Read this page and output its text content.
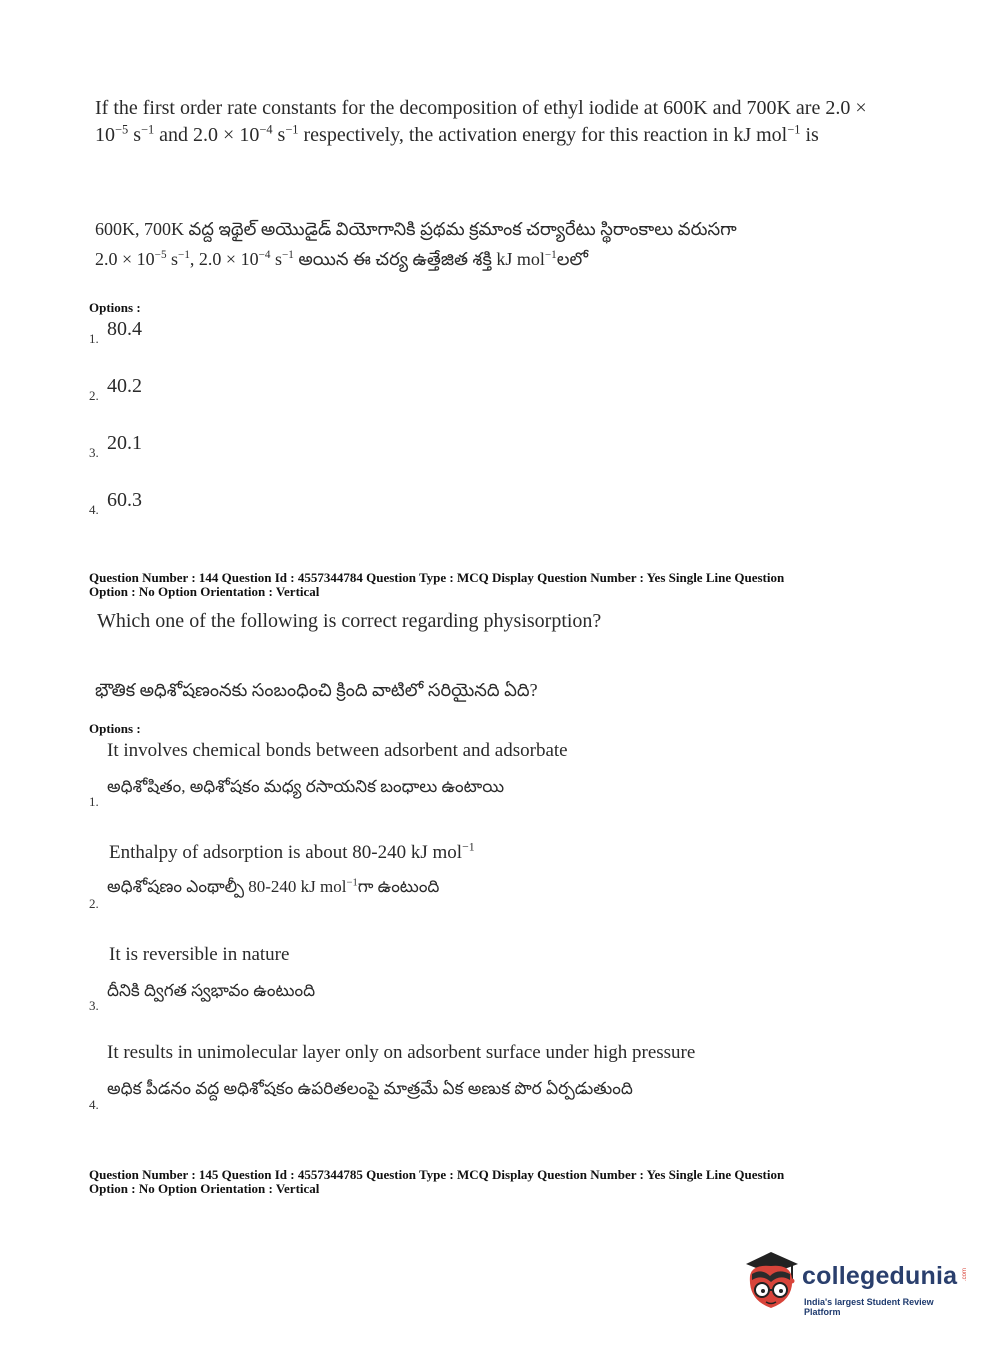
If the first order rate constants for the decomposition of ethyl iodide at 600K and 700K are $2.0 \times 10^{-5}$ $s^{-1}$ and $2.0 \times 10^{-4}$ $s^{-1}$ respectively, the activation energy for this reaction in kJ mol$^{-1}$ is
600K, 700K వద్ద ఇథైల్ అయొడైడ్ వియోగానికి ప్రథమ క్రమాంక చర్యారేటు స్థిరాంకాలు వరుసగా
$2.0 \times 10^{-5}$ $s^{-1}$, $2.0 \times 10^{-4}$ $s^{-1}$ అయిన ఈ చర్య ఉత్తేజిత శక్తి kJ mol$^{-1}$లలో
Options :
1. 80.4
2. 40.2
3. 20.1
4. 60.3
Question Number : 144 Question Id : 4557344784 Question Type : MCQ Display Question Number : Yes Single Line Question
Option : No Option Orientation : Vertical
Which one of the following is correct regarding physisorption?
భౌతిక అధిశోషణంనకు సంబంధించి క్రింది వాటిలో సరియైనది ఏది?
Options :
It involves chemical bonds between adsorbent and adsorbate
అధిశోషితం, అధిశోషకం మధ్య రసాయనిక బంధాలు ఉంటాయి
1.
Enthalpy of adsorption is about 80-240 kJ mol$^{-1}$
అధిశోషణం ఎంథాల్పీ 80-240 kJ mol$^{-1}$గా ఉంటుంది
2.
It is reversible in nature
దీనికి ద్విగత స్వభావం ఉంటుంది
3.
It results in unimolecular layer only on adsorbent surface under high pressure
అధిక పీడనం వద్ద అధిశోషకం ఉపరితలంపై మాత్రమే ఏక అణుక పొర ఏర్పడుతుంది
4.
Question Number : 145 Question Id : 4557344785 Question Type : MCQ Display Question Number : Yes Single Line Question
Option : No Option Orientation : Vertical
collegedunia .com
India's largest Student Review Platform
